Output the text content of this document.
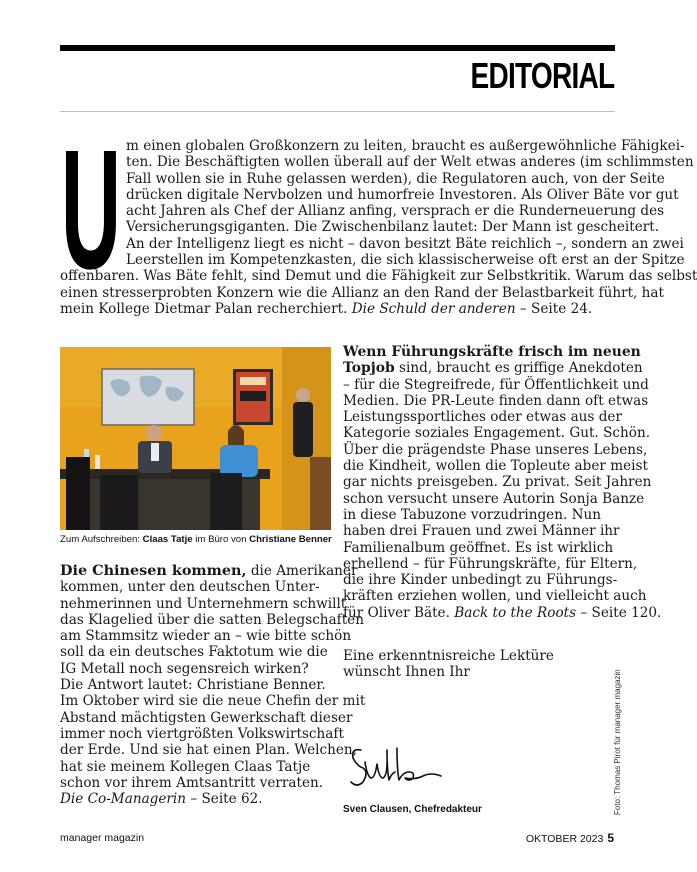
EDITORIAL
U m einen globalen Großkonzern zu leiten, braucht es außergewöhnliche Fähigkei-
ten. Die Beschäftigten wollen überall auf der Welt etwas anderes (im schlimmsten
Fall wollen sie in Ruhe gelassen werden), die Regulatoren auch, von der Seite
drücken digitale Nervbolzen und humorfreie Investoren. Als Oliver Bäte vor gut
acht Jahren als Chef der Allianz anfing, versprach er die Runderneuerung des
Versicherungsgiganten. Die Zwischenbilanz lautet: Der Mann ist gescheitert.
An der Intelligenz liegt es nicht – davon besitzt Bäte reichlich –, sondern an zwei
Leerstellen im Kompetenzkasten, die sich klassischerweise oft erst an der Spitze
offenbaren. Was Bäte fehlt, sind Demut und die Fähigkeit zur Selbstkritik. Warum das selbst
einen stresserprobten Konzern wie die Allianz an den Rand der Belastbarkeit führt, hat
mein Kollege Dietmar Palan recherchiert. Die Schuld der anderen – Seite 24.
Zum Aufschreiben: Claas Tatje im Büro von Christiane Benner
Die Chinesen kommen, die Amerikaner
kommen, unter den deutschen Unter-
nehmerinnen und Unternehmern schwillt
das Klagelied über die satten Belegschaften
am Stammsitz wieder an – wie bitte schön
soll da ein deutsches Faktotum wie die
IG Metall noch segensreich wirken?
Die Antwort lautet: Christiane Benner.
Im Oktober wird sie die neue Chefin der mit
Abstand mächtigsten Gewerkschaft dieser
immer noch viertgrößten Volkswirtschaft
der Erde. Und sie hat einen Plan. Welchen,
hat sie meinem Kollegen Claas Tatje
schon vor ihrem Amtsantritt verraten.
Die Co-Managerin – Seite 62.
Wenn Führungskräfte frisch im neuen
Topjob sind, braucht es griffige Anekdoten
– für die Stegreifrede, für Öffentlichkeit und
Medien. Die PR-Leute finden dann oft etwas
Leistungssportliches oder etwas aus der
Kategorie soziales Engagement. Gut. Schön.
Über die prägendste Phase unseres Lebens,
die Kindheit, wollen die Topleute aber meist
gar nichts preisgeben. Zu privat. Seit Jahren
schon versucht unsere Autorin Sonja Banze
in diese Tabuzone vorzudringen. Nun
haben drei Frauen und zwei Männer ihr
Familienalbum geöffnet. Es ist wirklich
erhellend – für Führungskräfte, für Eltern,
die ihre Kinder unbedingt zu Führungs-
kräften erziehen wollen, und vielleicht auch
für Oliver Bäte. Back to the Roots – Seite 120.
Eine erkenntnisreiche Lektüre
wünscht Ihnen Ihr
Sven Clausen, Chefredakteur	Foto: Thomas Pirot für manager magazin
manager magazin	OKTOBER 2023 5
